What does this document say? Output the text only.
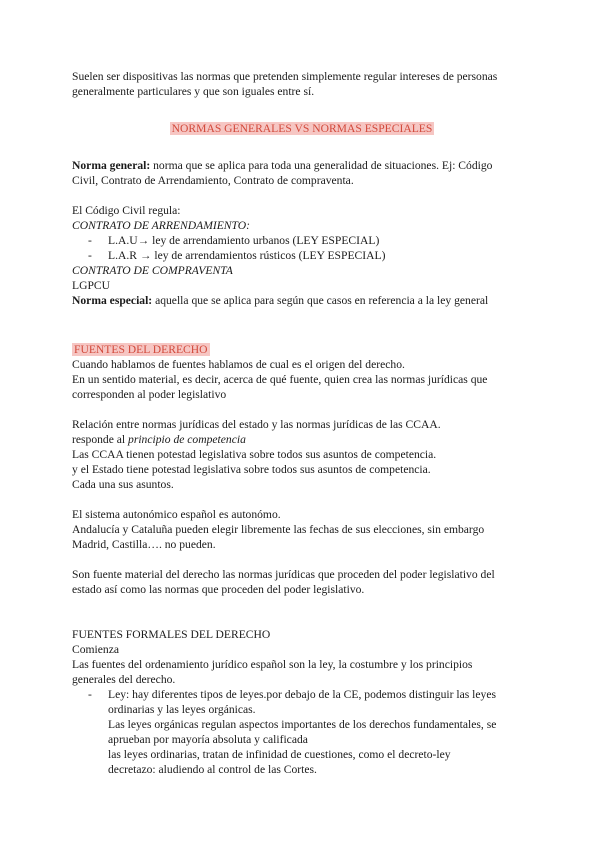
Suelen ser dispositivas las normas que pretenden simplemente regular intereses de personas

generalmente particulares y que son iguales entre sí.

NORMAS GENERALES VS NORMAS ESPECIALES

Norma general: norma que se aplica para toda una generalidad de situaciones. Ej: Código

Civil, Contrato de Arrendamiento, Contrato de compraventa.

El Código Civil regula:

CONTRATO DE ARRENDAMIENTO:

- L.A.U→ ley de arrendamiento urbanos (LEY ESPECIAL)
- L.A.R → ley de arrendamientos rústicos (LEY ESPECIAL)

CONTRATO DE COMPRAVENTA

LGPCU

Norma especial: aquella que se aplica para según que casos en referencia a la ley general

FUENTES DEL DERECHO

Cuando hablamos de fuentes hablamos de cual es el origen del derecho.

En un sentido material, es decir, acerca de qué fuente, quien crea las normas jurídicas que

corresponden al poder legislativo

Relación entre normas jurídicas del estado y las normas jurídicas de las CCAA.

responde al principio de competencia

Las CCAA tienen potestad legislativa sobre todos sus asuntos de competencia.

y el Estado tiene potestad legislativa sobre todos sus asuntos de competencia.

Cada una sus asuntos.

El sistema autonómico español es autonómo.

Andalucía y Cataluña pueden elegir libremente las fechas de sus elecciones, sin embargo

Madrid, Castilla…. no pueden.

Son fuente material del derecho las normas jurídicas que proceden del poder legislativo del

estado así como las normas que proceden del poder legislativo.

FUENTES FORMALES DEL DERECHO

Comienza

Las fuentes del ordenamiento jurídico español son la ley, la costumbre y los principios

generales del derecho.

- Ley: hay diferentes tipos de leyes.por debajo de la CE, podemos distinguir las leyes
ordinarias y las leyes orgánicas.
Las leyes orgánicas regulan aspectos importantes de los derechos fundamentales, se
aprueban por mayoría absoluta y calificada
las leyes ordinarias, tratan de infinidad de cuestiones, como el decreto-ley
decretazo: aludiendo al control de las Cortes.
